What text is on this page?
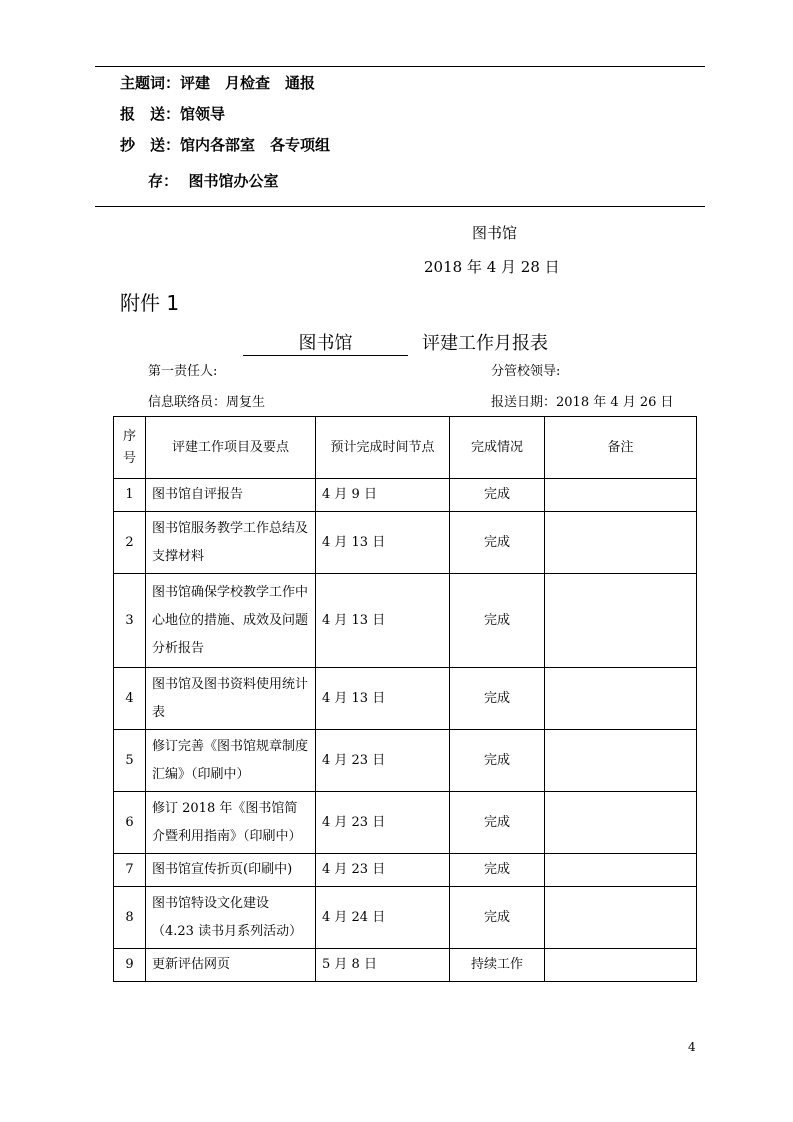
主题词：评建　月检查　通报
报　送：馆领导
抄　送：馆内各部室　各专项组
存： 图书馆办公室
图书馆
2018 年 4 月 28 日
附件 1
图书馆	评建工作月报表
第一责任人:	分管校领导:
信息联络员：周复生	报送日期：2018 年 4 月 26 日
序号	评建工作项目及要点	预计完成时间节点	完成情况	备注
1	图书馆自评报告	4 月 9 日	完成	
2	图书馆服务教学工作总结及支撑材料	4 月 13 日	完成	
3	图书馆确保学校教学工作中心地位的措施、成效及问题分析报告	4 月 13 日	完成	
4	图书馆及图书资料使用统计表	4 月 13 日	完成	
5	修订完善《图书馆规章制度汇编》（印刷中）	4 月 23 日	完成	
6	修订 2018 年《图书馆简介暨利用指南》（印刷中）	4 月 23 日	完成	
7	图书馆宣传折页(印刷中)	4 月 23 日	完成	
8	图书馆特设文化建设（4.23 读书月系列活动）	4 月 24 日	完成	
9	更新评估网页	5 月 8 日	持续工作	
4
